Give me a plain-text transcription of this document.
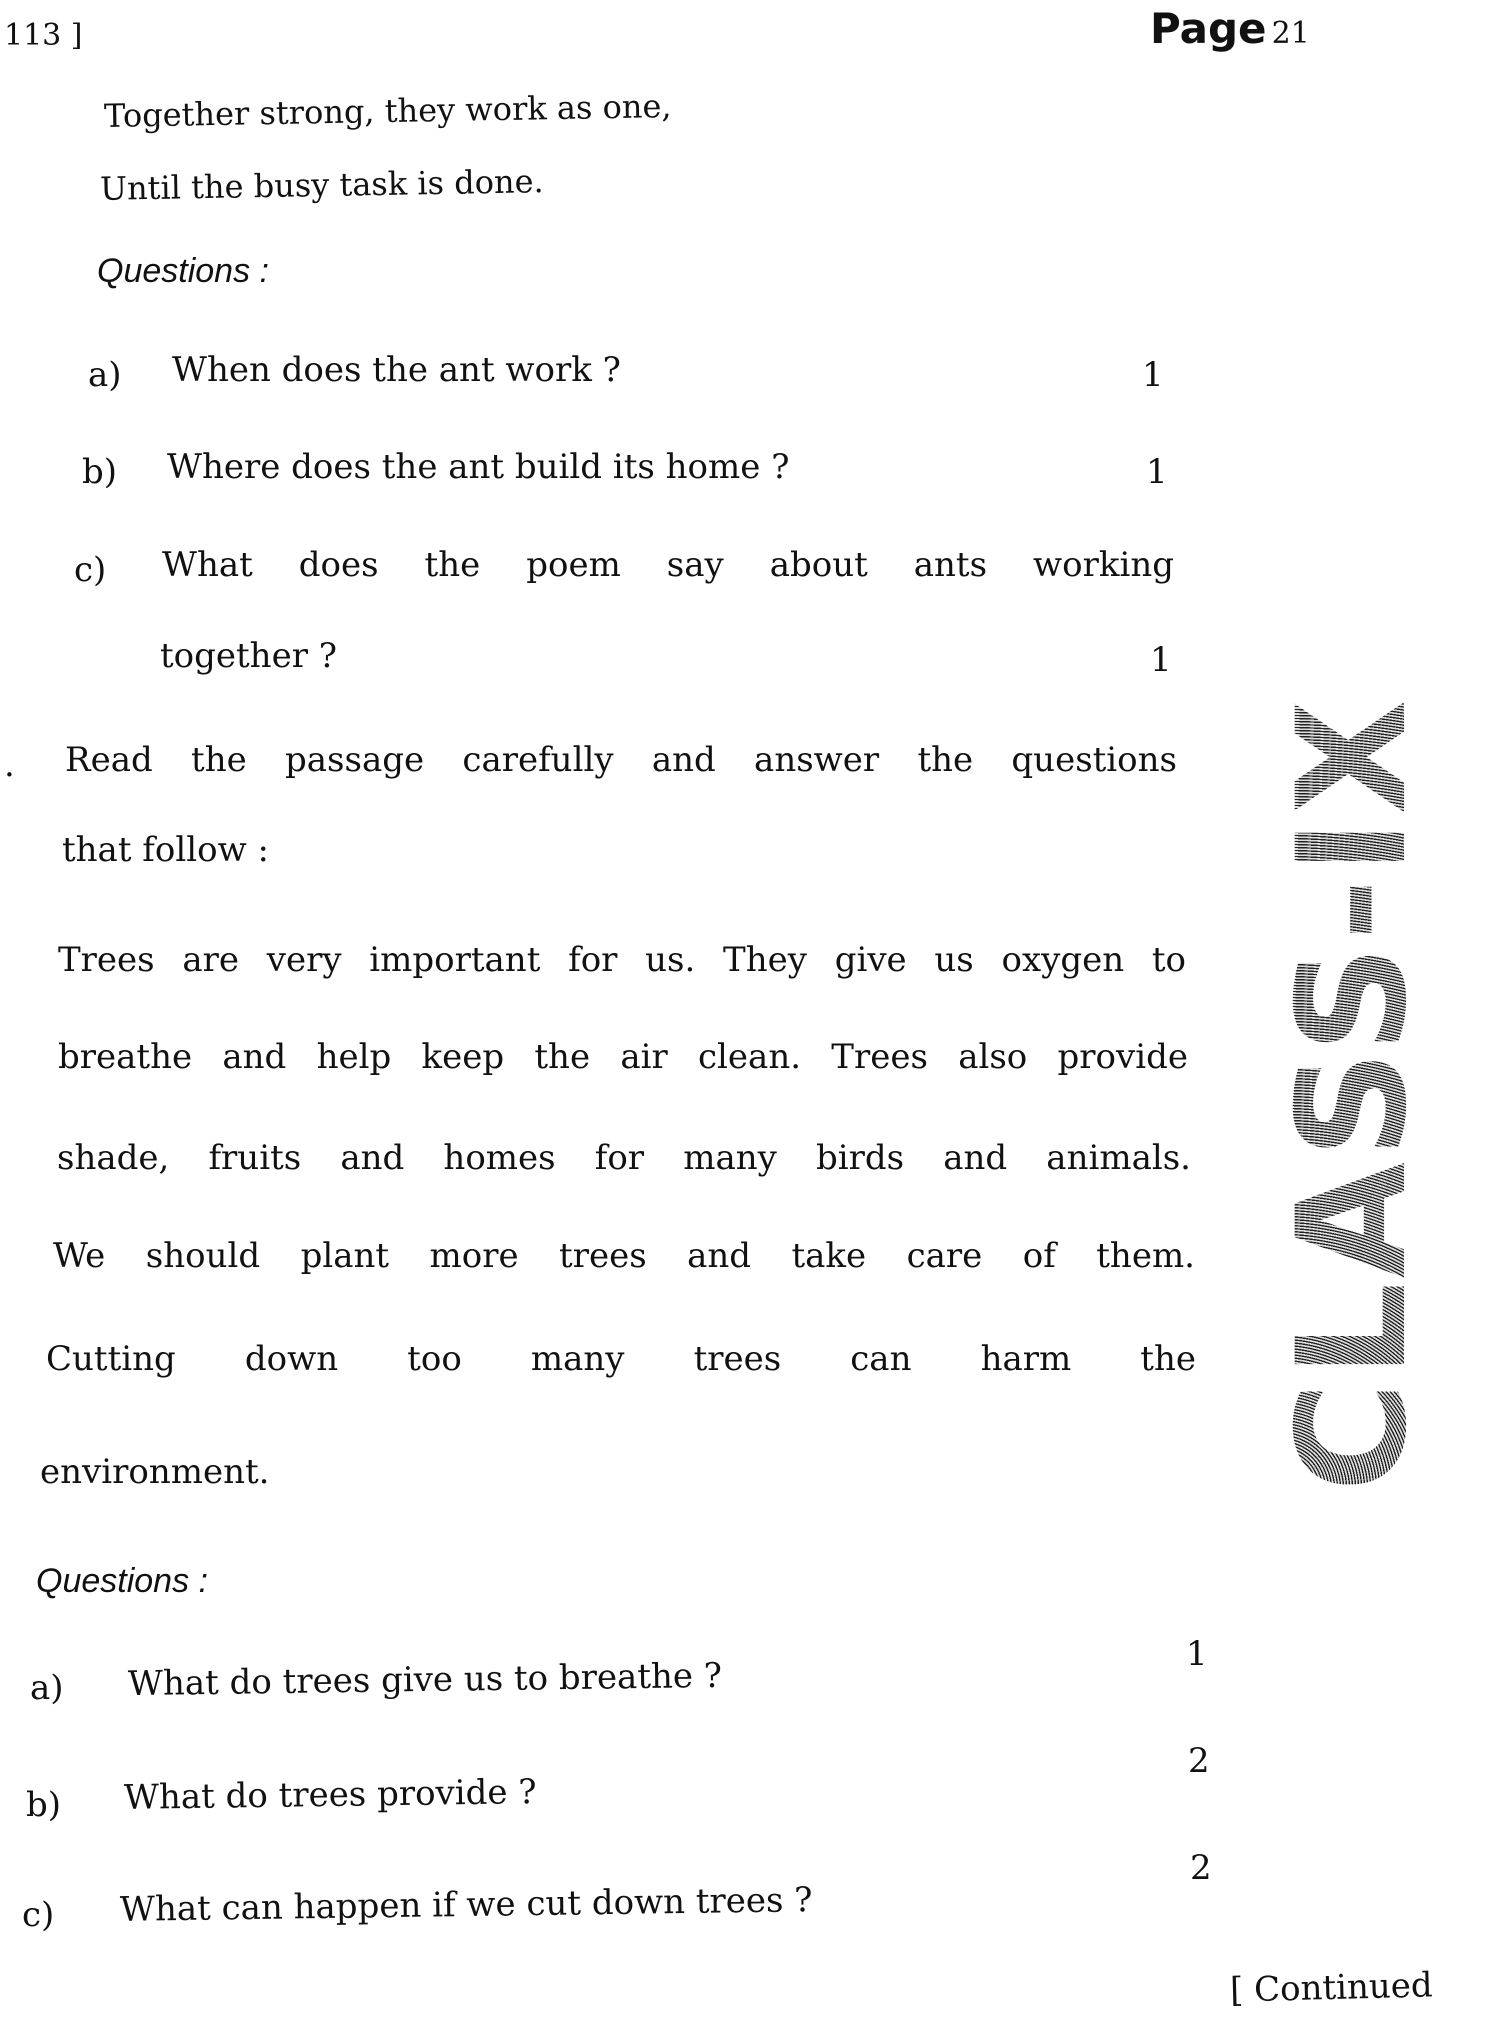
113 ]	Page 21
Together strong, they work as one,
Until the busy task is done.
Questions :
a) When does the ant work ?	1
b) Where does the ant build its home ?	1
c) What does the poem say about ants working
together ?	1
. Read the passage carefully and answer the questions
that follow :
Trees are very important for us. They give us oxygen to
breathe and help keep the air clean. Trees also provide
shade, fruits and homes for many birds and animals.
We should plant more trees and take care of them.
Cutting down too many trees can harm the
environment.
Questions :
a) What do trees give us to breathe ?
1
b) What do trees provide ?
2
c) What can happen if we cut down trees ?
2
[ Continued
CLASS-IX
